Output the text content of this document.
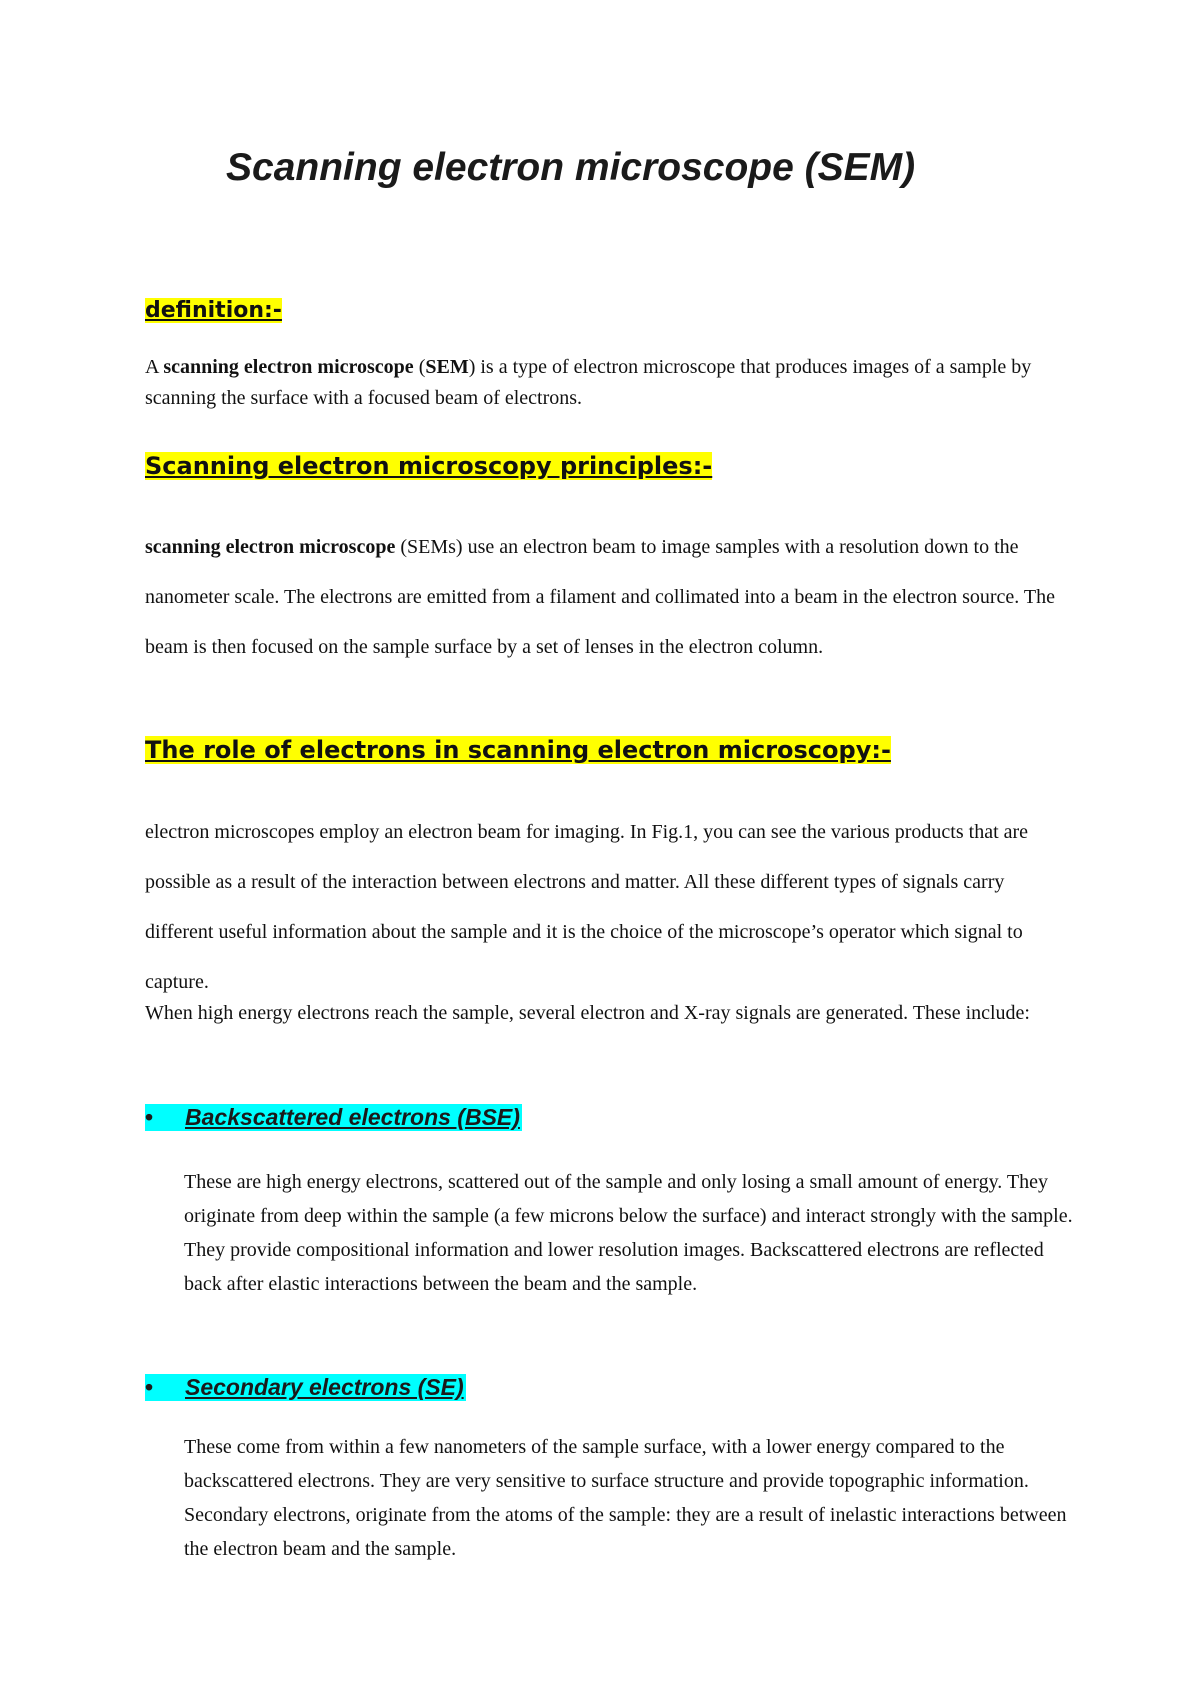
Scanning electron microscope (SEM)
definition:-

A scanning electron microscope (SEM) is a type of electron microscope that produces images of a sample by scanning the surface with a focused beam of electrons.

Scanning electron microscopy principles:-

scanning electron microscope (SEMs) use an electron beam to image samples with a resolution down to the nanometer scale. The electrons are emitted from a filament and collimated into a beam in the electron source. The beam is then focused on the sample surface by a set of lenses in the electron column.

The role of electrons in scanning electron microscopy:-

electron microscopes employ an electron beam for imaging. In Fig.1, you can see the various products that are possible as a result of the interaction between electrons and matter. All these different types of signals carry different useful information about the sample and it is the choice of the microscope’s operator which signal to capture.

When high energy electrons reach the sample, several electron and X-ray signals are generated. These include:

• Backscattered electrons (BSE)

These are high energy electrons, scattered out of the sample and only losing a small amount of energy. They originate from deep within the sample (a few microns below the surface) and interact strongly with the sample. They provide compositional information and lower resolution images. Backscattered electrons are reflected back after elastic interactions between the beam and the sample.

• Secondary electrons (SE)

These come from within a few nanometers of the sample surface, with a lower energy compared to the backscattered electrons. They are very sensitive to surface structure and provide topographic information. Secondary electrons, originate from the atoms of the sample: they are a result of inelastic interactions between the electron beam and the sample.
